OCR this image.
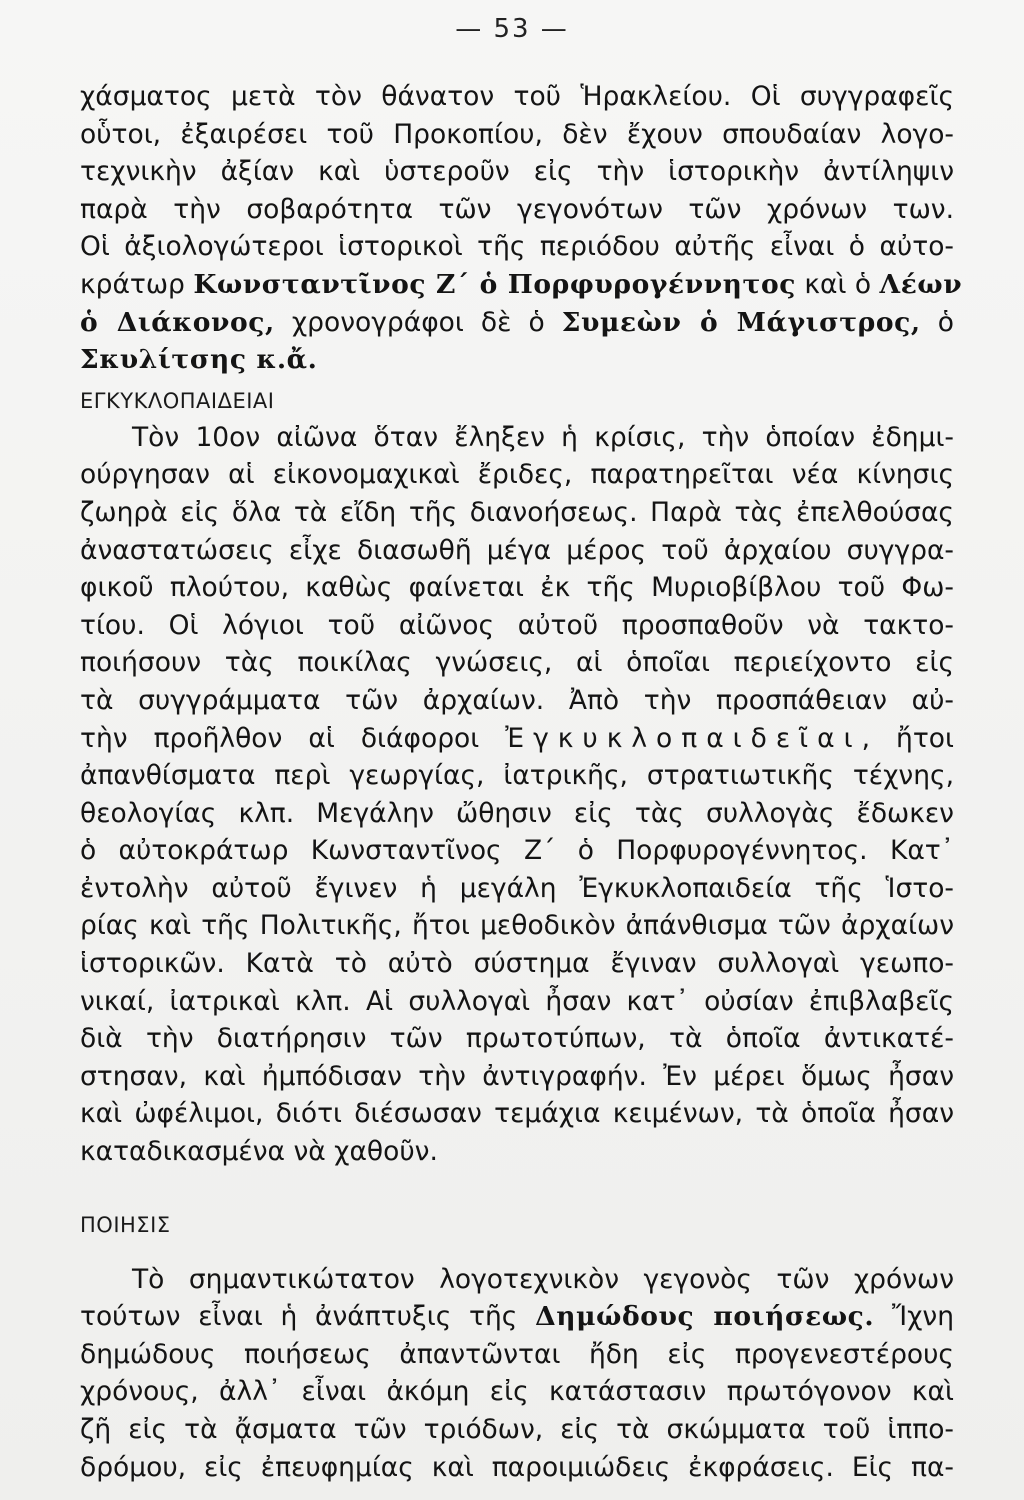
— 53 —
χάσματος μετὰ τὸν θάνατον τοῦ Ἡρακλείου. Οἱ συγγραφεῖς
οὗτοι, ἐξαιρέσει τοῦ Προκοπίου, δὲν ἔχουν σπουδαίαν λογο-
τεχνικὴν ἀξίαν καὶ ὑστεροῦν εἰς τὴν ἱστορικὴν ἀντίληψιν
παρὰ τὴν σοβαρότητα τῶν γεγονότων τῶν χρόνων των.
Οἱ ἀξιολογώτεροι ἱστορικοὶ τῆς περιόδου αὐτῆς εἶναι ὁ αὐτο-
κράτωρ Κωνσταντῖνος Ζ΄ ὁ Πορφυρογέννητος καὶ ὁ Λέων
ὁ Διάκονος, χρονογράφοι δὲ ὁ Συμεὼν ὁ Μάγιστρος, ὁ
Σκυλίτσης κ.ἄ.
ΕΓΚΥΚΛΟΠΑΙΔΕΙΑΙ
Τὸν 10ον αἰῶνα ὅταν ἔληξεν ἡ κρίσις, τὴν ὁποίαν ἐδημι-
ούργησαν αἱ εἰκονομαχικαὶ ἔριδες, παρατηρεῖται νέα κίνησις
ζωηρὰ εἰς ὅλα τὰ εἴδη τῆς διανοήσεως. Παρὰ τὰς ἐπελθούσας
ἀναστατώσεις εἶχε διασωθῆ μέγα μέρος τοῦ ἀρχαίου συγγρα-
φικοῦ πλούτου, καθὼς φαίνεται ἐκ τῆς Μυριοβίβλου τοῦ Φω-
τίου. Οἱ λόγιοι τοῦ αἰῶνος αὐτοῦ προσπαθοῦν νὰ τακτο-
ποιήσουν τὰς ποικίλας γνώσεις, αἱ ὁποῖαι περιείχοντο εἰς
τὰ συγγράμματα τῶν ἀρχαίων. Ἀπὸ τὴν προσπάθειαν αὐ-
τὴν προῆλθον αἱ διάφοροι Ἐγκυκλοπαιδεῖαι, ἤτοι
ἀπανθίσματα περὶ γεωργίας, ἰατρικῆς, στρατιωτικῆς τέχνης,
θεολογίας κλπ. Μεγάλην ὤθησιν εἰς τὰς συλλογὰς ἔδωκεν
ὁ αὐτοκράτωρ Κωνσταντῖνος Ζ΄ ὁ Πορφυρογέννητος. Κατ᾿
ἐντολὴν αὐτοῦ ἔγινεν ἡ μεγάλη Ἐγκυκλοπαιδεία τῆς Ἱστο-
ρίας καὶ τῆς Πολιτικῆς, ἤτοι μεθοδικὸν ἀπάνθισμα τῶν ἀρχαίων
ἱστορικῶν. Κατὰ τὸ αὐτὸ σύστημα ἔγιναν συλλογαὶ γεωπο-
νικαί, ἰατρικαὶ κλπ. Αἱ συλλογαὶ ἦσαν κατ᾿ οὐσίαν ἐπιβλαβεῖς
διὰ τὴν διατήρησιν τῶν πρωτοτύπων, τὰ ὁποῖα ἀντικατέ-
στησαν, καὶ ἠμπόδισαν τὴν ἀντιγραφήν. Ἐν μέρει ὅμως ἦσαν
καὶ ὠφέλιμοι, διότι διέσωσαν τεμάχια κειμένων, τὰ ὁποῖα ἦσαν
καταδικασμένα νὰ χαθοῦν.
ΠΟΙΗΣΙΣ
Τὸ σημαντικώτατον λογοτεχνικὸν γεγονὸς τῶν χρόνων
τούτων εἶναι ἡ ἀνάπτυξις τῆς Δημώδους ποιήσεως. Ἴχνη
δημώδους ποιήσεως ἀπαντῶνται ἤδη εἰς προγενεστέρους
χρόνους, ἀλλ᾿ εἶναι ἀκόμη εἰς κατάστασιν πρωτόγονον καὶ
ζῆ εἰς τὰ ᾄσματα τῶν τριόδων, εἰς τὰ σκώμματα τοῦ ἱππο-
δρόμου, εἰς ἐπευφημίας καὶ παροιμιώδεις ἐκφράσεις. Εἰς πα-
